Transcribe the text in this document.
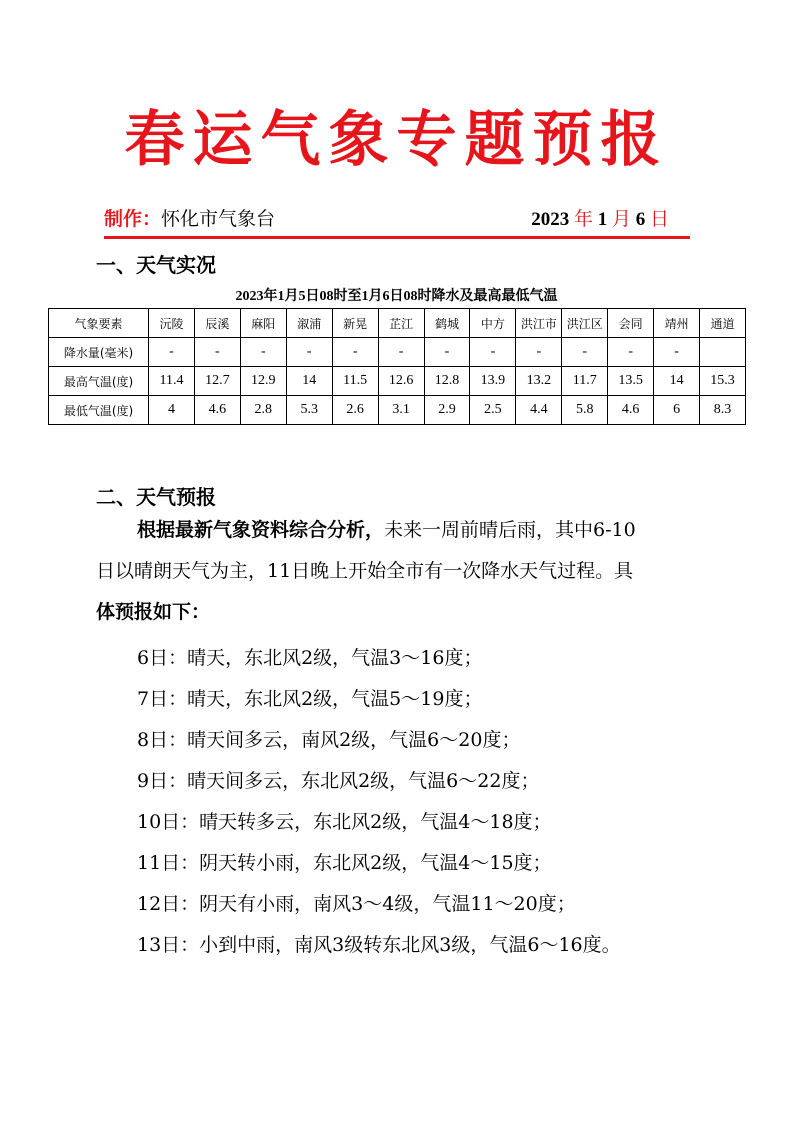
春运气象专题预报
制作：怀化市气象台	2023 年 1 月 6 日
一、天气实况
2023年1月5日08时至1月6日08时降水及最高最低气温
气象要素	沅陵	辰溪	麻阳	溆浦	新晃	芷江	鹤城	中方	洪江市	洪江区	会同	靖州	通道
降水量(毫米)	-	-	-	-	-	-	-	-	-	-	-	-	
最高气温(度)	11.4	12.7	12.9	14	11.5	12.6	12.8	13.9	13.2	11.7	13.5	14	15.3
最低气温(度)	4	4.6	2.8	5.3	2.6	3.1	2.9	2.5	4.4	5.8	4.6	6	8.3
二、天气预报
根据最新气象资料综合分析，未来一周前晴后雨，其中6-10
日以晴朗天气为主，11日晚上开始全市有一次降水天气过程。具
体预报如下：
6日：晴天，东北风2级，气温3～16度；
7日：晴天，东北风2级，气温5～19度；
8日：晴天间多云，南风2级，气温6～20度；
9日：晴天间多云，东北风2级，气温6～22度；
10日：晴天转多云，东北风2级，气温4～18度；
11日：阴天转小雨，东北风2级，气温4～15度；
12日：阴天有小雨，南风3～4级，气温11～20度；
13日：小到中雨，南风3级转东北风3级，气温6～16度。
